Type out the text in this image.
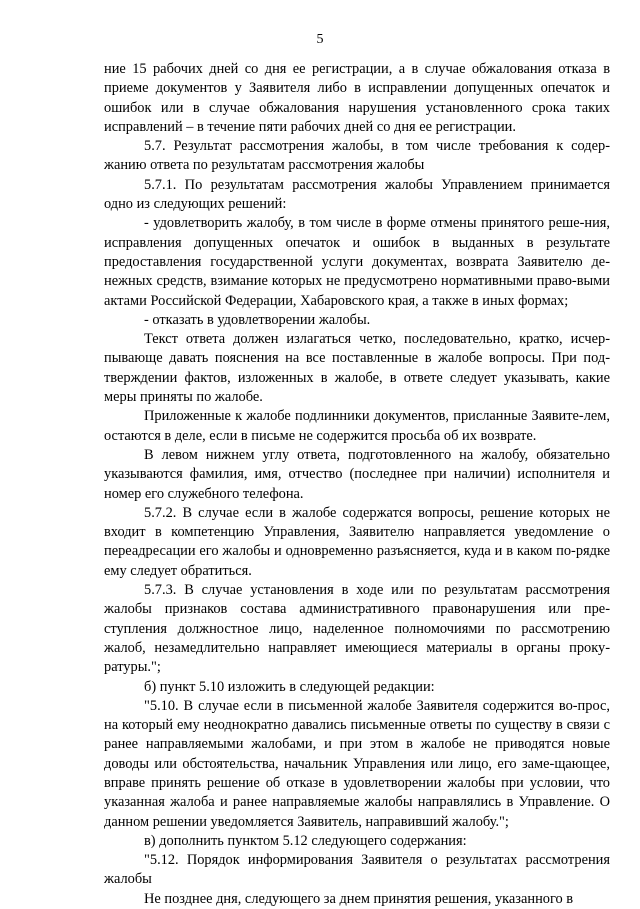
5

ние 15 рабочих дней со дня ее регистрации, а в случае обжалования отказа в приеме документов у Заявителя либо в исправлении допущенных опечаток и ошибок или в случае обжалования нарушения установленного срока таких исправлений – в течение пяти рабочих дней со дня ее регистрации.

5.7. Результат рассмотрения жалобы, в том числе требования к содер-жанию ответа по результатам рассмотрения жалобы

5.7.1. По результатам рассмотрения жалобы Управлением принимается одно из следующих решений:

- удовлетворить жалобу, в том числе в форме отмены принятого реше-ния, исправления допущенных опечаток и ошибок в выданных в результате предоставления государственной услуги документах, возврата Заявителю де-нежных средств, взимание которых не предусмотрено нормативными право-выми актами Российской Федерации, Хабаровского края, а также в иных формах;

- отказать в удовлетворении жалобы.

Текст ответа должен излагаться четко, последовательно, кратко, исчер-пывающе давать пояснения на все поставленные в жалобе вопросы. При под-тверждении фактов, изложенных в жалобе, в ответе следует указывать, какие меры приняты по жалобе.

Приложенные к жалобе подлинники документов, присланные Заявите-лем, остаются в деле, если в письме не содержится просьба об их возврате.

В левом нижнем углу ответа, подготовленного на жалобу, обязательно указываются фамилия, имя, отчество (последнее при наличии) исполнителя и номер его служебного телефона.

5.7.2. В случае если в жалобе содержатся вопросы, решение которых не входит в компетенцию Управления, Заявителю направляется уведомление о переадресации его жалобы и одновременно разъясняется, куда и в каком по-рядке ему следует обратиться.

5.7.3. В случае установления в ходе или по результатам рассмотрения жалобы признаков состава административного правонарушения или пре-ступления должностное лицо, наделенное полномочиями по рассмотрению жалоб, незамедлительно направляет имеющиеся материалы в органы проку-ратуры.";

б) пункт 5.10 изложить в следующей редакции:

"5.10. В случае если в письменной жалобе Заявителя содержится во-прос, на который ему неоднократно давались письменные ответы по существу в связи с ранее направляемыми жалобами, и при этом в жалобе не приводятся новые доводы или обстоятельства, начальник Управления или лицо, его заме-щающее, вправе принять решение об отказе в удовлетворении жалобы при условии, что указанная жалоба и ранее направляемые жалобы направлялись в Управление. О данном решении уведомляется Заявитель, направивший жалобу.";

в) дополнить пунктом 5.12 следующего содержания:

"5.12. Порядок информирования Заявителя о результатах рассмотрения жалобы

Не позднее дня, следующего за днем принятия решения, указанного в
